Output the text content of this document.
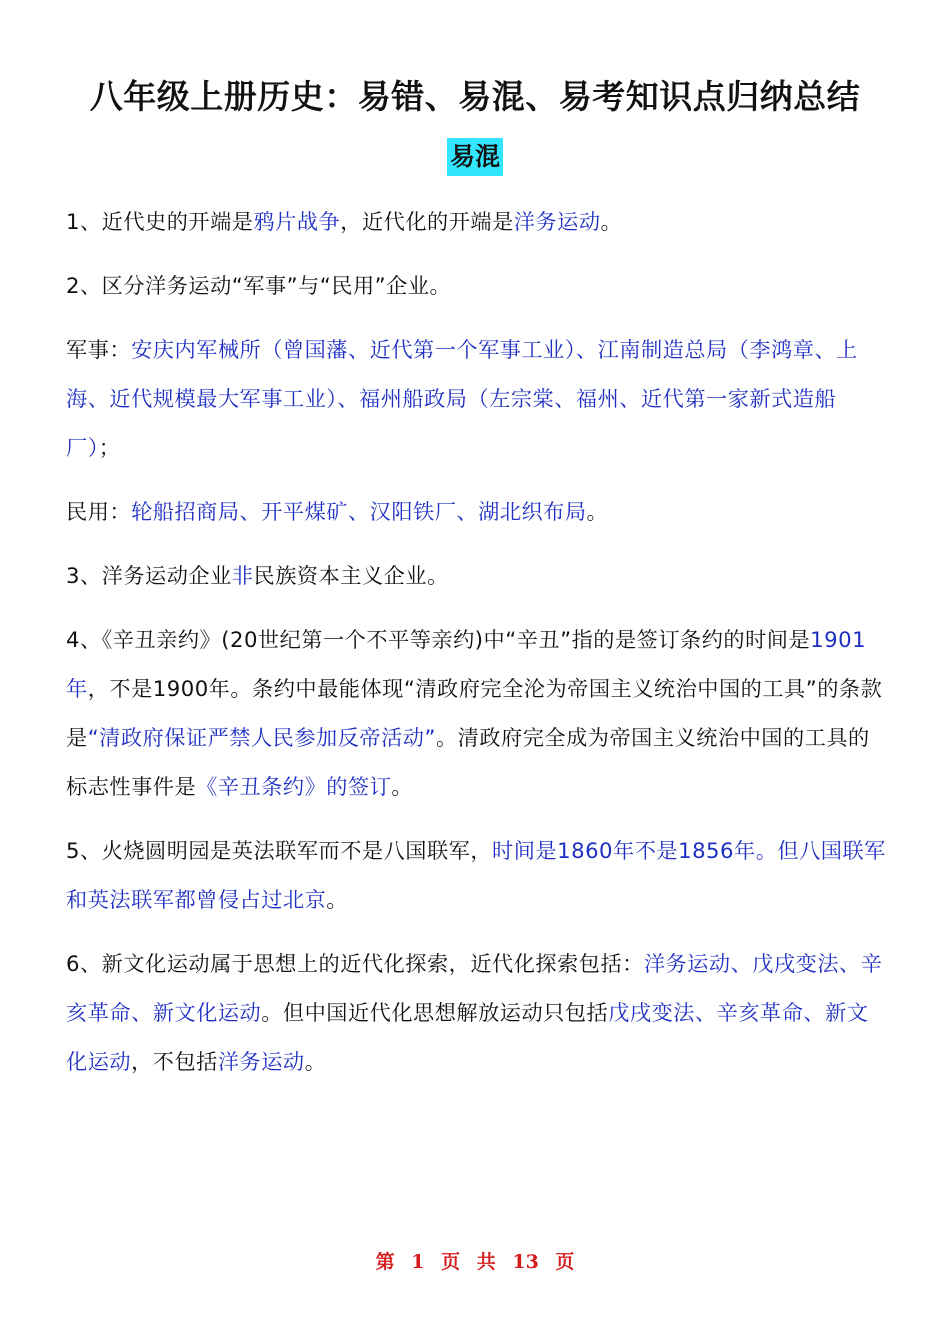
八年级上册历史：易错、易混、易考知识点归纳总结
易混

1、近代史的开端是鸦片战争，近代化的开端是洋务运动。

2、区分洋务运动“军事”与“民用”企业。

军事：安庆内军械所（曾国藩、近代第一个军事工业）、江南制造总局（李鸿章、上海、近代规模最大军事工业）、福州船政局（左宗棠、福州、近代第一家新式造船厂）；

民用：轮船招商局、开平煤矿、汉阳铁厂、湖北织布局。

3、洋务运动企业非民族资本主义企业。

4、《辛丑亲约》(20世纪第一个不平等亲约)中“辛丑”指的是签订条约的时间是1901年，不是1900年。条约中最能体现“清政府完全沦为帝国主义统治中国的工具”的条款是“清政府保证严禁人民参加反帝活动”。清政府完全成为帝国主义统治中国的工具的标志性事件是《辛丑条约》的签订。

5、火烧圆明园是英法联军而不是八国联军，时间是1860年不是1856年。但八国联军和英法联军都曾侵占过北京。

6、新文化运动属于思想上的近代化探索，近代化探索包括：洋务运动、戊戌变法、辛亥革命、新文化运动。但中国近代化思想解放运动只包括戊戌变法、辛亥革命、新文化运动，不包括洋务运动。

第 1 页 共 13 页
